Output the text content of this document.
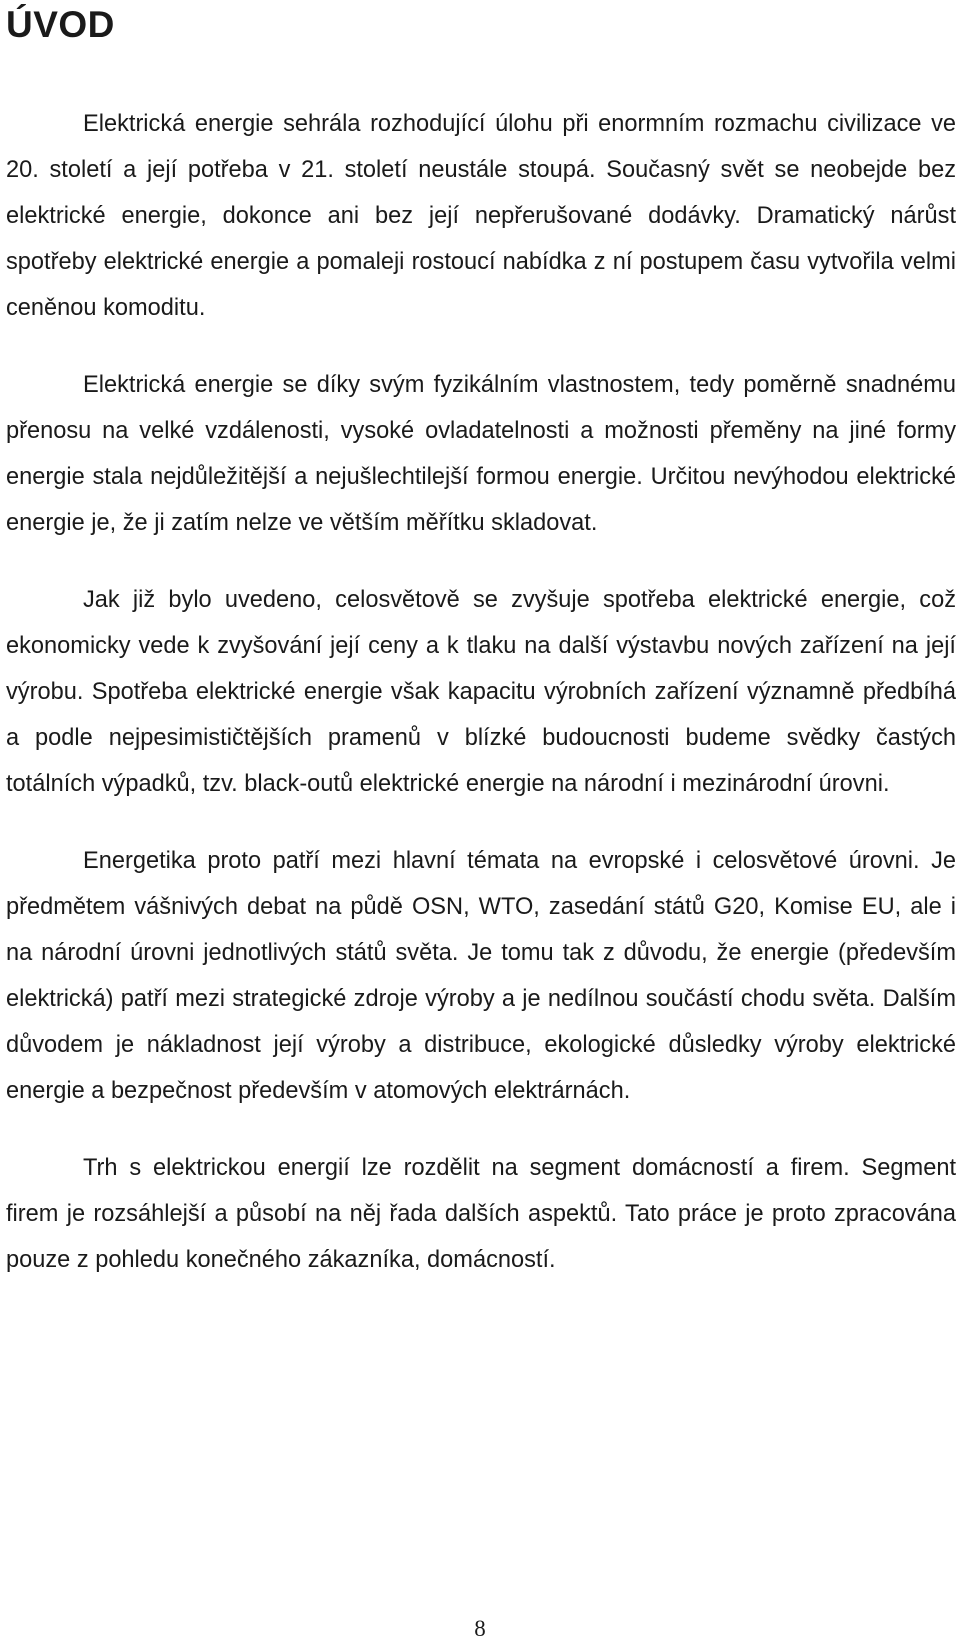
ÚVOD

Elektrická energie sehrála rozhodující úlohu při enormním rozmachu civilizace ve 20. století a její potřeba v 21. století neustále stoupá. Současný svět se neobejde bez elektrické energie, dokonce ani bez její nepřerušované dodávky. Dramatický nárůst spotřeby elektrické energie a pomaleji rostoucí nabídka z ní postupem času vytvořila velmi ceněnou komoditu.

Elektrická energie se díky svým fyzikálním vlastnostem, tedy poměrně snadnému přenosu na velké vzdálenosti, vysoké ovladatelnosti a možnosti přeměny na jiné formy energie stala nejdůležitější a nejušlechtilejší formou energie. Určitou nevýhodou elektrické energie je, že ji zatím nelze ve větším měřítku skladovat.

Jak již bylo uvedeno, celosvětově se zvyšuje spotřeba elektrické energie, což ekonomicky vede k zvyšování její ceny a k tlaku na další výstavbu nových zařízení na její výrobu. Spotřeba elektrické energie však kapacitu výrobních zařízení významně předbíhá a podle nejpesimističtějších pramenů v blízké budoucnosti budeme svědky častých totálních výpadků, tzv. black-outů elektrické energie na národní i mezinárodní úrovni.

Energetika proto patří mezi hlavní témata na evropské i celosvětové úrovni. Je předmětem vášnivých debat na půdě OSN, WTO, zasedání států G20, Komise EU, ale i na národní úrovni jednotlivých států světa. Je tomu tak z důvodu, že energie (především elektrická) patří mezi strategické zdroje výroby a je nedílnou součástí chodu světa. Dalším důvodem je nákladnost její výroby a distribuce, ekologické důsledky výroby elektrické energie a bezpečnost především v atomových elektrárnách.

Trh s elektrickou energií lze rozdělit na segment domácností a firem. Segment firem je rozsáhlejší a působí na něj řada dalších aspektů. Tato práce je proto zpracována pouze z pohledu konečného zákazníka, domácností.

8
